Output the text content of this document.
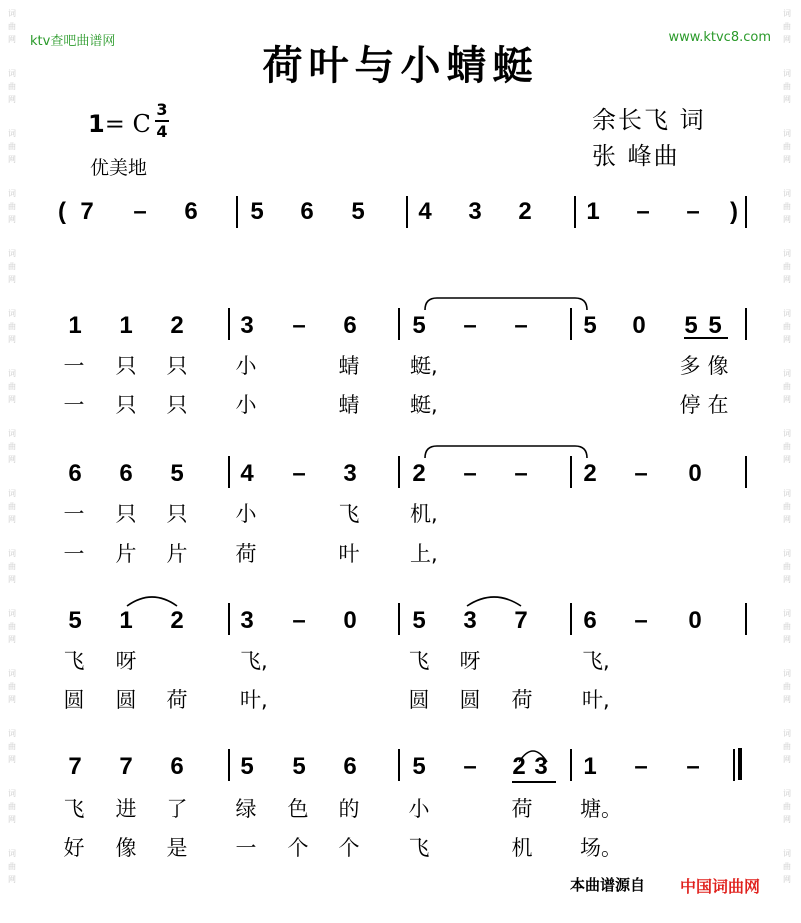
词
曲
网
词
曲
网
词
曲
网
词
曲
网
词
曲
网
词
曲
网
词
曲
网
词
曲
网
词
曲
网
词
曲
网
词
曲
网
词
曲
网
词
曲
网
词
曲
网
词
曲
网
词
曲
网
词
曲
网
词
曲
网
词
曲
网
词
曲
网
词
曲
网
词
曲
网
词
曲
网
词
曲
网
词
曲
网
词
曲
网
词
曲
网
词
曲
网
词
曲
网
词
曲
网
ktv查吧曲谱网	www.ktvc8.com
荷叶与小蜻蜓
1= C
3
4
优美地
余长飞 词
张 峰曲
( 7	–	6	5	6	5	4	3	2	1	–	–	)
1	1	2	3	–	6	5	–	–	5	0	5 5
一 只 只 小	蜻 蜓,	多 像
一 只 只 小	蜻 蜓,	停 在
6	6	5	4	–	3	2	–	–	2	–	0
一 只 只 小	飞 机,
一 片 片 荷	叶 上,
5	1	2	3	–	0	5	3	7	6	–	0
飞 呀	飞,	飞 呀	飞,
圆 圆 荷	叶,	圆 圆 荷 叶,
7	7	6	5	5	6	5	–	2 3	1	–	–
飞 进 了 绿 色 的 小	荷 塘。
好 像 是 一 个 个 飞	机 场。
本曲谱源自 中国词曲网
